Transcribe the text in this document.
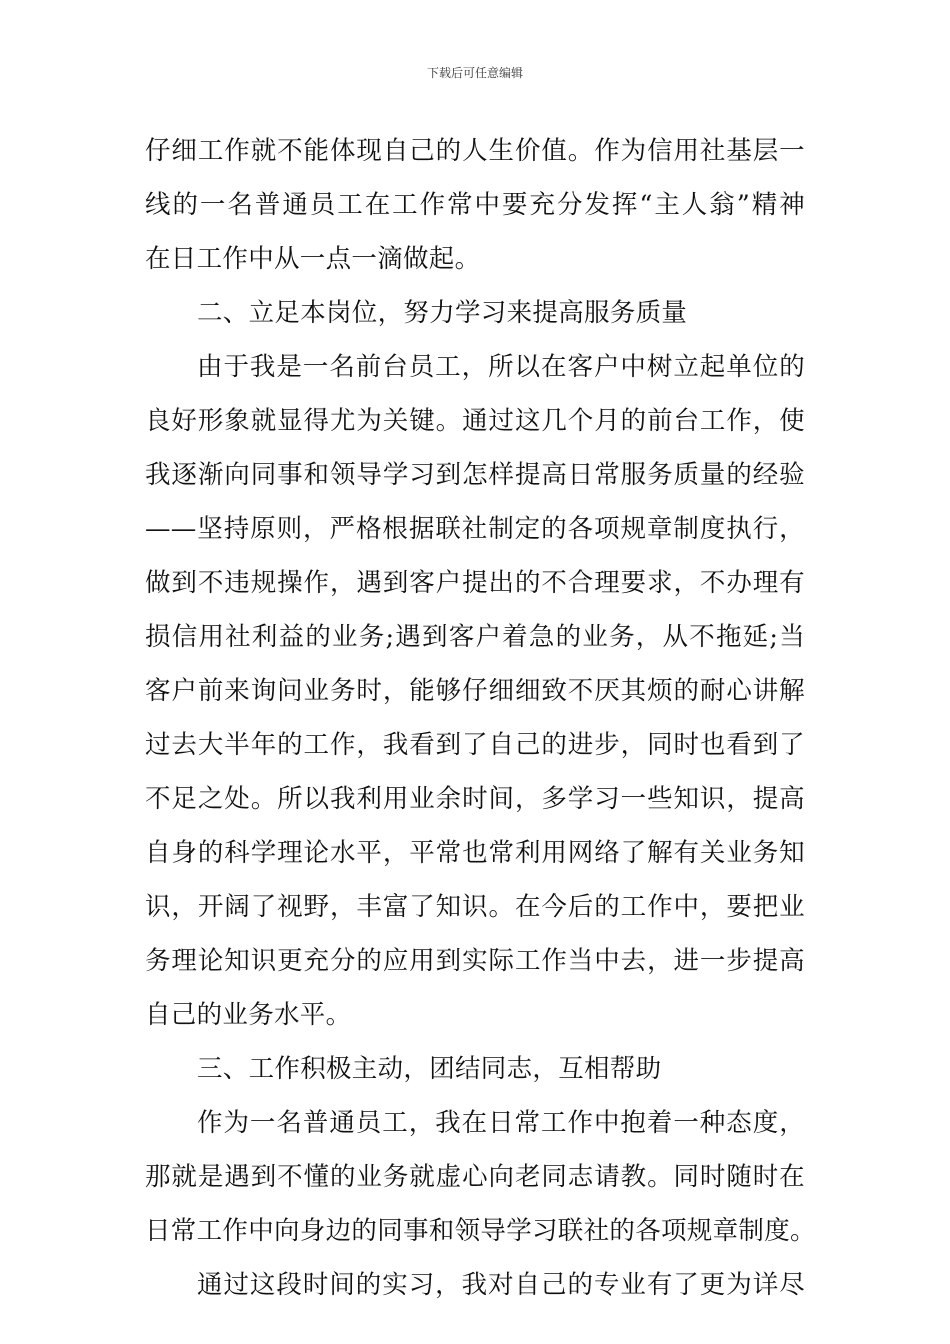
下载后可任意编辑
仔细工作就不能体现自己的人生价值。作为信用社基层一
线的一名普通员工在工作常中要充分发挥“主人翁”精神
在日工作中从一点一滴做起。
二、立足本岗位，努力学习来提高服务质量
由于我是一名前台员工，所以在客户中树立起单位的
良好形象就显得尤为关键。通过这几个月的前台工作，使
我逐渐向同事和领导学习到怎样提高日常服务质量的经验
——坚持原则，严格根据联社制定的各项规章制度执行，
做到不违规操作，遇到客户提出的不合理要求，不办理有
损信用社利益的业务;遇到客户着急的业务，从不拖延;当
客户前来询问业务时，能够仔细细致不厌其烦的耐心讲解
过去大半年的工作，我看到了自己的进步，同时也看到了
不足之处。所以我利用业余时间，多学习一些知识，提高
自身的科学理论水平，平常也常利用网络了解有关业务知
识，开阔了视野，丰富了知识。在今后的工作中，要把业
务理论知识更充分的应用到实际工作当中去，进一步提高
自己的业务水平。
三、工作积极主动，团结同志，互相帮助
作为一名普通员工，我在日常工作中抱着一种态度，
那就是遇到不懂的业务就虚心向老同志请教。同时随时在
日常工作中向身边的同事和领导学习联社的各项规章制度。
通过这段时间的实习，我对自己的专业有了更为详尽
